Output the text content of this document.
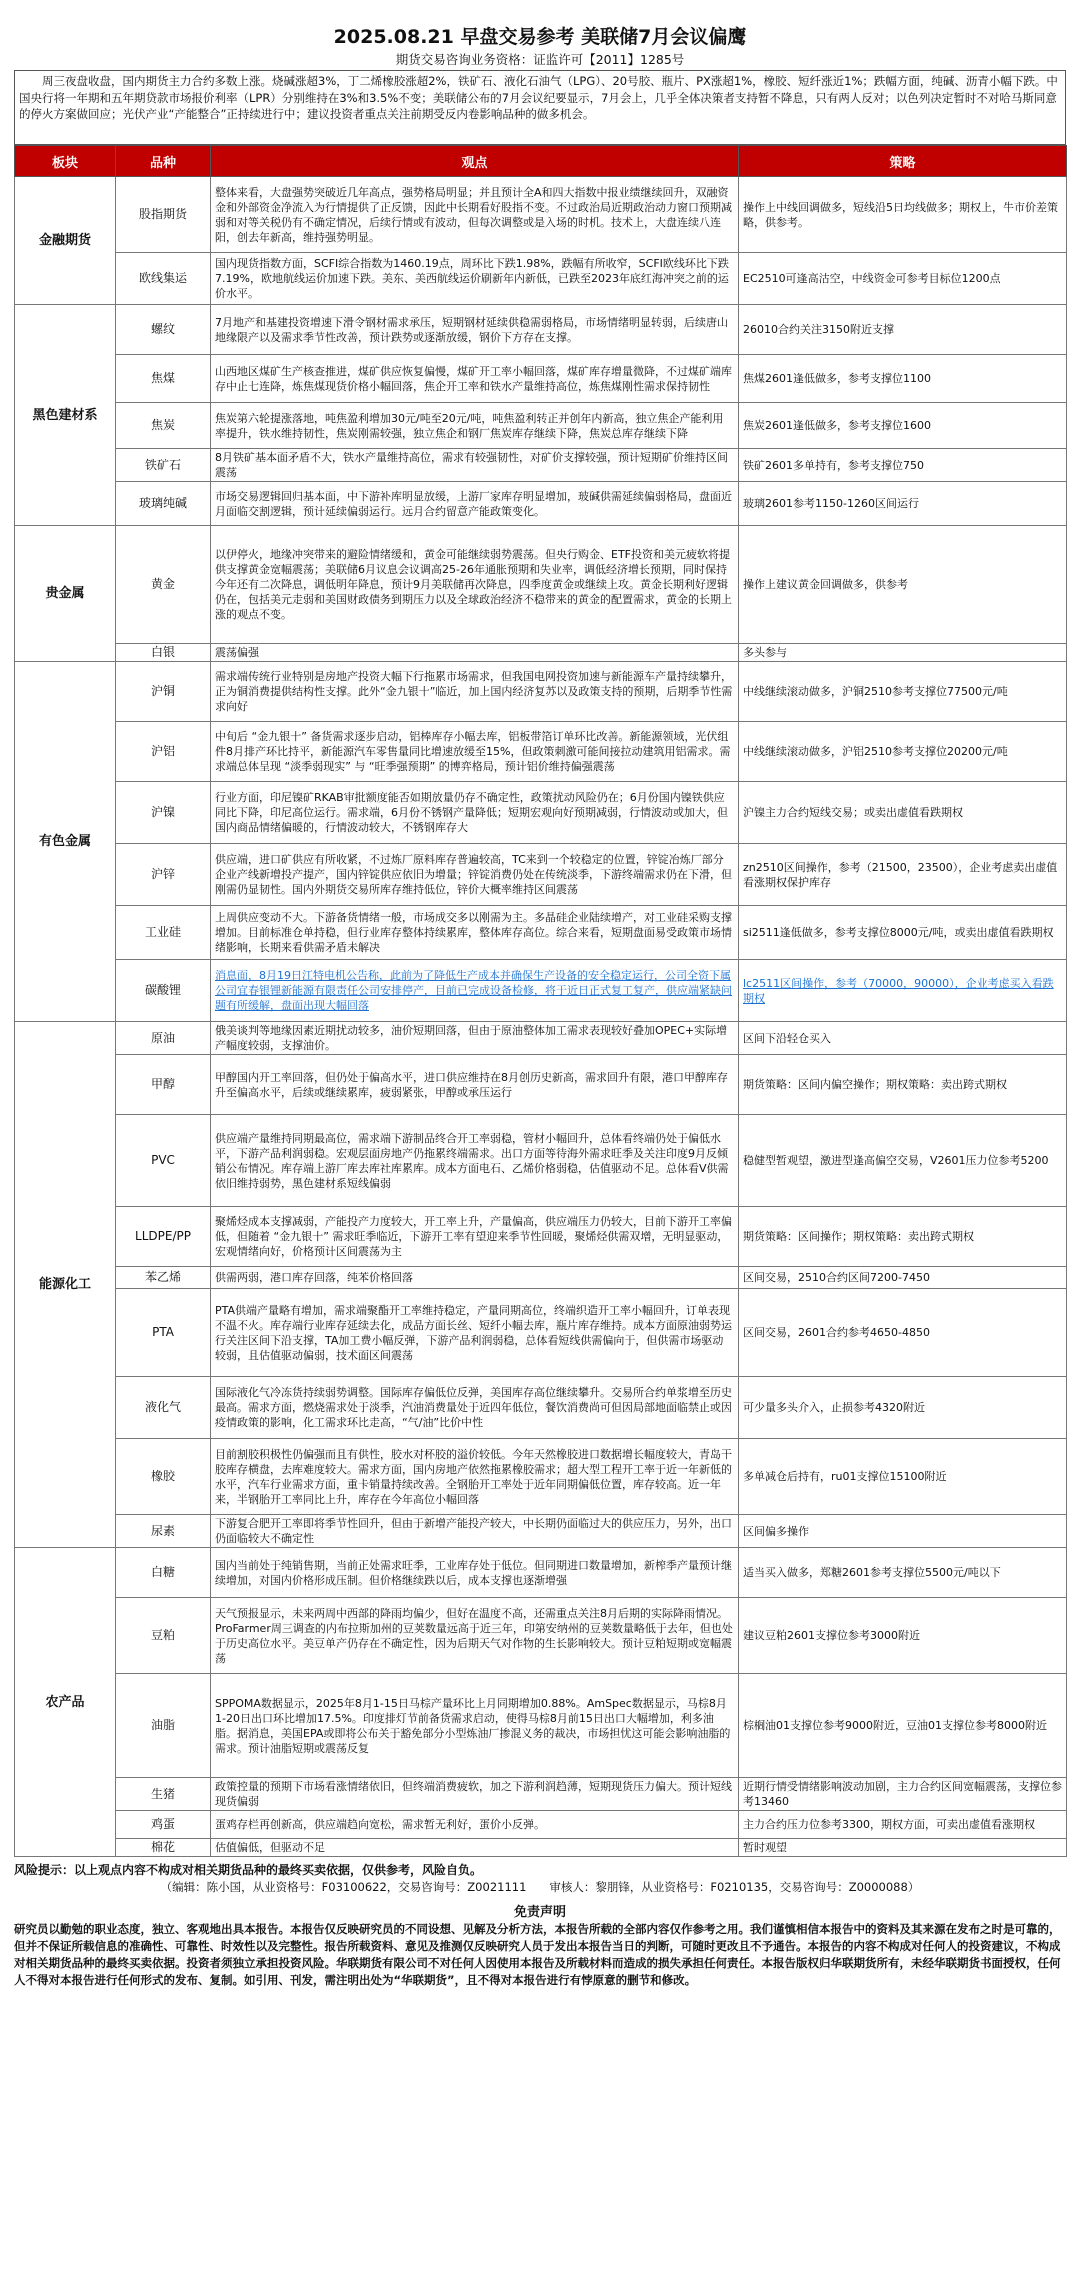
2025.08.21 早盘交易参考 美联储7月会议偏鹰
期货交易咨询业务资格：证监许可【2011】1285号
周三夜盘收盘，国内期货主力合约多数上涨。烧碱涨超3%，丁二烯橡胶涨超2%，铁矿石、液化石油气（LPG）、20号胶、瓶片、PX涨超1%，橡胶、短纤涨近1%；跌幅方面，纯碱、沥青小幅下跌。中国央行将一年期和五年期贷款市场报价利率（LPR）分别维持在3%和3.5%不变；美联储公布的7月会议纪要显示，7月会上，几乎全体决策者支持暂不降息，只有两人反对；以色列决定暂时不对哈马斯同意的停火方案做回应；光伏产业“产能整合”正持续进行中；建议投资者重点关注前期受反内卷影响品种的做多机会。
板块	品种	观点	策略
金融期货	股指期货	整体来看，大盘强势突破近几年高点，强势格局明显；并且预计全A和四大指数中报业绩继续回升，双融资金和外部资金净流入为行情提供了正反馈，因此中长期看好股指不变。不过政治局近期政治动力窗口预期减弱和对等关税仍有不确定情况，后续行情或有波动，但每次调整或是入场的时机。技术上，大盘连续八连阳，创去年新高，维持强势明显。	操作上中线回调做多，短线沿5日均线做多；期权上，牛市价差策略，供参考。
	欧线集运	国内现货指数方面，SCFI综合指数为1460.19点，周环比下跌1.98%，跌幅有所收窄，SCFI欧线环比下跌7.19%，欧地航线运价加速下跌。美东、美西航线运价刷新年内新低，已跌至2023年底红海冲突之前的运价水平。	EC2510可逢高沽空，中线资金可参考目标位1200点
黑色建材系	螺纹	7月地产和基建投资增速下滑令钢材需求承压，短期钢材延续供稳需弱格局，市场情绪明显转弱，后续唐山地缘限产以及需求季节性改善，预计跌势或逐渐放缓，钢价下方存在支撑。	26010合约关注3150附近支撑
	焦煤	山西地区煤矿生产核查推进，煤矿供应恢复偏慢，煤矿开工率小幅回落，煤矿库存增量微降，不过煤矿端库存中止七连降，炼焦煤现货价格小幅回落，焦企开工率和铁水产量维持高位，炼焦煤刚性需求保持韧性	焦煤2601逢低做多，参考支撑位1100
	焦炭	焦炭第六轮提涨落地，吨焦盈利增加30元/吨至20元/吨，吨焦盈利转正并创年内新高，独立焦企产能利用率提升，铁水维持韧性，焦炭刚需较强，独立焦企和钢厂焦炭库存继续下降，焦炭总库存继续下降	焦炭2601逢低做多，参考支撑位1600
	铁矿石	8月铁矿基本面矛盾不大，铁水产量维持高位，需求有较强韧性，对矿价支撑较强，预计短期矿价维持区间震荡	铁矿2601多单持有，参考支撑位750
	玻璃纯碱	市场交易逻辑回归基本面，中下游补库明显放缓，上游厂家库存明显增加，玻碱供需延续偏弱格局，盘面近月面临交割逻辑，预计延续偏弱运行。远月合约留意产能政策变化。	玻璃2601参考1150-1260区间运行
贵金属	黄金	以伊停火，地缘冲突带来的避险情绪缓和，黄金可能继续弱势震荡。但央行购金、ETF投资和美元疲软将提供支撑黄金宽幅震荡；美联储6月议息会议调高25-26年通胀预期和失业率，调低经济增长预期，同时保持今年还有二次降息，调低明年降息，预计9月美联储再次降息，四季度黄金或继续上攻。黄金长期利好逻辑仍在，包括美元走弱和美国财政债务到期压力以及全球政治经济不稳带来的黄金的配置需求，黄金的长期上涨的观点不变。	操作上建议黄金回调做多，供参考
	白银	震荡偏强	多头参与
有色金属	沪铜	需求端传统行业特别是房地产投资大幅下行拖累市场需求，但我国电网投资加速与新能源车产量持续攀升，正为铜消费提供结构性支撑。此外“金九银十”临近，加上国内经济复苏以及政策支持的预期，后期季节性需求向好	中线继续滚动做多，沪铜2510参考支撑位77500元/吨
	沪铝	中旬后 “金九银十” 备货需求逐步启动，铝棒库存小幅去库，铝板带箔订单环比改善。新能源领域，光伏组件8月排产环比持平，新能源汽车零售量同比增速放缓至15%，但政策刺激可能间接拉动建筑用铝需求。需求端总体呈现 “淡季弱现实” 与 “旺季强预期” 的博弈格局，预计铝价维持偏强震荡	中线继续滚动做多，沪铝2510参考支撑位20200元/吨
	沪镍	行业方面，印尼镍矿RKAB审批额度能否如期放量仍存不确定性，政策扰动风险仍在；6月份国内镍铁供应同比下降，印尼高位运行。需求端，6月份不锈钢产量降低；短期宏观向好预期减弱，行情波动或加大，但国内商品情绪偏暖的，行情波动较大，不锈钢库存大	沪镍主力合约短线交易；或卖出虚值看跌期权
	沪锌	供应端，进口矿供应有所收紧，不过炼厂原料库存普遍较高，TC来到一个较稳定的位置，锌锭冶炼厂部分企业产线新增投产提产，国内锌锭供应依旧为增量；锌锭消费仍处在传统淡季，下游终端需求仍在下滑，但刚需仍显韧性。国内外期货交易所库存维持低位，锌价大概率维持区间震荡	zn2510区间操作，参考（21500，23500），企业考虑卖出虚值看涨期权保护库存
	工业硅	上周供应变动不大。下游备货情绪一般，市场成交多以刚需为主。多晶硅企业陆续增产，对工业硅采购支撑增加。目前标准仓单持稳，但行业库存整体持续累库，整体库存高位。综合来看，短期盘面易受政策市场情绪影响，长期来看供需矛盾未解决	si2511逢低做多，参考支撑位8000元/吨，或卖出虚值看跌期权
	碳酸锂	消息面，8月19日江特电机公告称，此前为了降低生产成本并确保生产设备的安全稳定运行，公司全资下属公司宜春银锂新能源有限责任公司安排停产，目前已完成设备检修，将于近日正式复工复产，供应端紧缺问题有所缓解，盘面出现大幅回落	lc2511区间操作，参考（70000，90000），企业考虑买入看跌期权
能源化工	原油	俄美谈判等地缘因素近期扰动较多，油价短期回落，但由于原油整体加工需求表现较好叠加OPEC+实际增产幅度较弱，支撑油价。	区间下沿轻仓买入
	甲醇	甲醇国内开工率回落，但仍处于偏高水平，进口供应维持在8月创历史新高，需求回升有限，港口甲醇库存升至偏高水平，后续或继续累库，疲弱紧张，甲醇或承压运行	期货策略：区间内偏空操作；期权策略：卖出跨式期权
	PVC	供应端产量维持同期最高位，需求端下游制品终合开工率弱稳，管材小幅回升，总体看终端仍处于偏低水平，下游产品利润弱稳。宏观层面房地产仍拖累终端需求。出口方面等待海外需求旺季及关注印度9月反倾销公布情况。库存端上游厂库去库社库累库。成本方面电石、乙烯价格弱稳，估值驱动不足。总体看V供需依旧维持弱势，黑色建材系短线偏弱	稳健型暂观望，激进型逢高偏空交易，V2601压力位参考5200
	LLDPE/PP	聚烯烃成本支撑减弱，产能投产力度较大，开工率上升，产量偏高，供应端压力仍较大，目前下游开工率偏低，但随着 “金九银十” 需求旺季临近，下游开工率有望迎来季节性回暖，聚烯烃供需双增，无明显驱动，宏观情绪向好，价格预计区间震荡为主	期货策略：区间操作；期权策略：卖出跨式期权
	苯乙烯	供需两弱，港口库存回落，纯苯价格回落	区间交易，2510合约区间7200-7450
	PTA	PTA供端产量略有增加，需求端聚酯开工率维持稳定，产量同期高位，终端织造开工率小幅回升，订单表现不温不火。库存端行业库存延续去化，成品方面长丝、短纤小幅去库，瓶片库存维持。成本方面原油弱势运行关注区间下沿支撑，TA加工费小幅反弹，下游产品利润弱稳，总体看短线供需偏向于，但供需市场驱动较弱，且估值驱动偏弱，技术面区间震荡	区间交易，2601合约参考4650-4850
	液化气	国际液化气冷冻货持续弱势调整。国际库存偏低位反弹，美国库存高位继续攀升。交易所合约单浆增至历史最高。需求方面，燃烧需求处于淡季，汽油消费量处于近四年低位，餐饮消费尚可但因局部地面临禁止或因疫情政策的影响，化工需求环比走高，“气/油”比价中性	可少量多头介入，止损参考4320附近
	橡胶	目前割胶积极性仍偏强而且有供性，胶水对杯胶的溢价较低。今年天然橡胶进口数据增长幅度较大，青岛干胶库存横盘，去库难度较大。需求方面，国内房地产依然拖累橡胶需求；超大型工程开工率于近一年新低的水平，汽车行业需求方面，重卡销量持续改善。全钢胎开工率处于近年同期偏低位置，库存较高。近一年来，半钢胎开工率同比上升，库存在今年高位小幅回落	多单减仓后持有，ru01支撑位15100附近
	尿素	下游复合肥开工率即将季节性回升，但由于新增产能投产较大，中长期仍面临过大的供应压力，另外，出口仍面临较大不确定性	区间偏多操作
农产品	白糖	国内当前处于纯销售期，当前正处需求旺季，工业库存处于低位。但同期进口数量增加，新榨季产量预计继续增加，对国内价格形成压制。但价格继续跌以后，成本支撑也逐渐增强	适当买入做多，郑糖2601参考支撑位5500元/吨以下
	豆粕	天气预报显示，未来两周中西部的降雨均偏少，但好在温度不高，还需重点关注8月后期的实际降雨情况。ProFarmer周三调查的内布拉斯加州的豆荚数量远高于近三年，印第安纳州的豆荚数量略低于去年，但也处于历史高位水平。美豆单产仍存在不确定性，因为后期天气对作物的生长影响较大。预计豆粕短期或宽幅震荡	建议豆粕2601支撑位参考3000附近
	油脂	SPPOMA数据显示，2025年8月1-15日马棕产量环比上月同期增加0.88%。AmSpec数据显示，马棕8月1-20日出口环比增加17.5%。印度排灯节前备货需求启动，使得马棕8月前15日出口大幅增加，利多油脂。据消息，美国EPA或即将公布关于豁免部分小型炼油厂掺混义务的裁决，市场担忧这可能会影响油脂的需求。预计油脂短期或震荡反复	棕榈油01支撑位参考9000附近，豆油01支撑位参考8000附近
	生猪	政策控量的预期下市场看涨情绪依旧，但终端消费疲软，加之下游利润趋薄，短期现货压力偏大。预计短线现货偏弱	近期行情受情绪影响波动加剧，主力合约区间宽幅震荡，支撑位参考13460
	鸡蛋	蛋鸡存栏再创新高，供应端趋向宽松，需求暂无利好，蛋价小反弹。	主力合约压力位参考3300，期权方面，可卖出虚值看涨期权
	棉花	估值偏低，但驱动不足	暂时观望
风险提示：以上观点内容不构成对相关期货品种的最终买卖依据，仅供参考，风险自负。
（编辑：陈小国，从业资格号：F03100622，交易咨询号：Z0021111　　审核人：黎朋锋，从业资格号：F0210135，交易咨询号：Z0000088）
免责声明
研究员以勤勉的职业态度，独立、客观地出具本报告。本报告仅反映研究员的不同设想、见解及分析方法，本报告所载的全部内容仅作参考之用。我们谨慎相信本报告中的资料及其来源在发布之时是可靠的，但并不保证所载信息的准确性、可靠性、时效性以及完整性。报告所载资料、意见及推测仅反映研究人员于发出本报告当日的判断，可随时更改且不予通告。本报告的内容不构成对任何人的投资建议，不构成对相关期货品种的最终买卖依据。投资者须独立承担投资风险。华联期货有限公司不对任何人因使用本报告及所载材料而造成的损失承担任何责任。本报告版权归华联期货所有，未经华联期货书面授权，任何人不得对本报告进行任何形式的发布、复制。如引用、刊发，需注明出处为“华联期货”，且不得对本报告进行有悖原意的删节和修改。
